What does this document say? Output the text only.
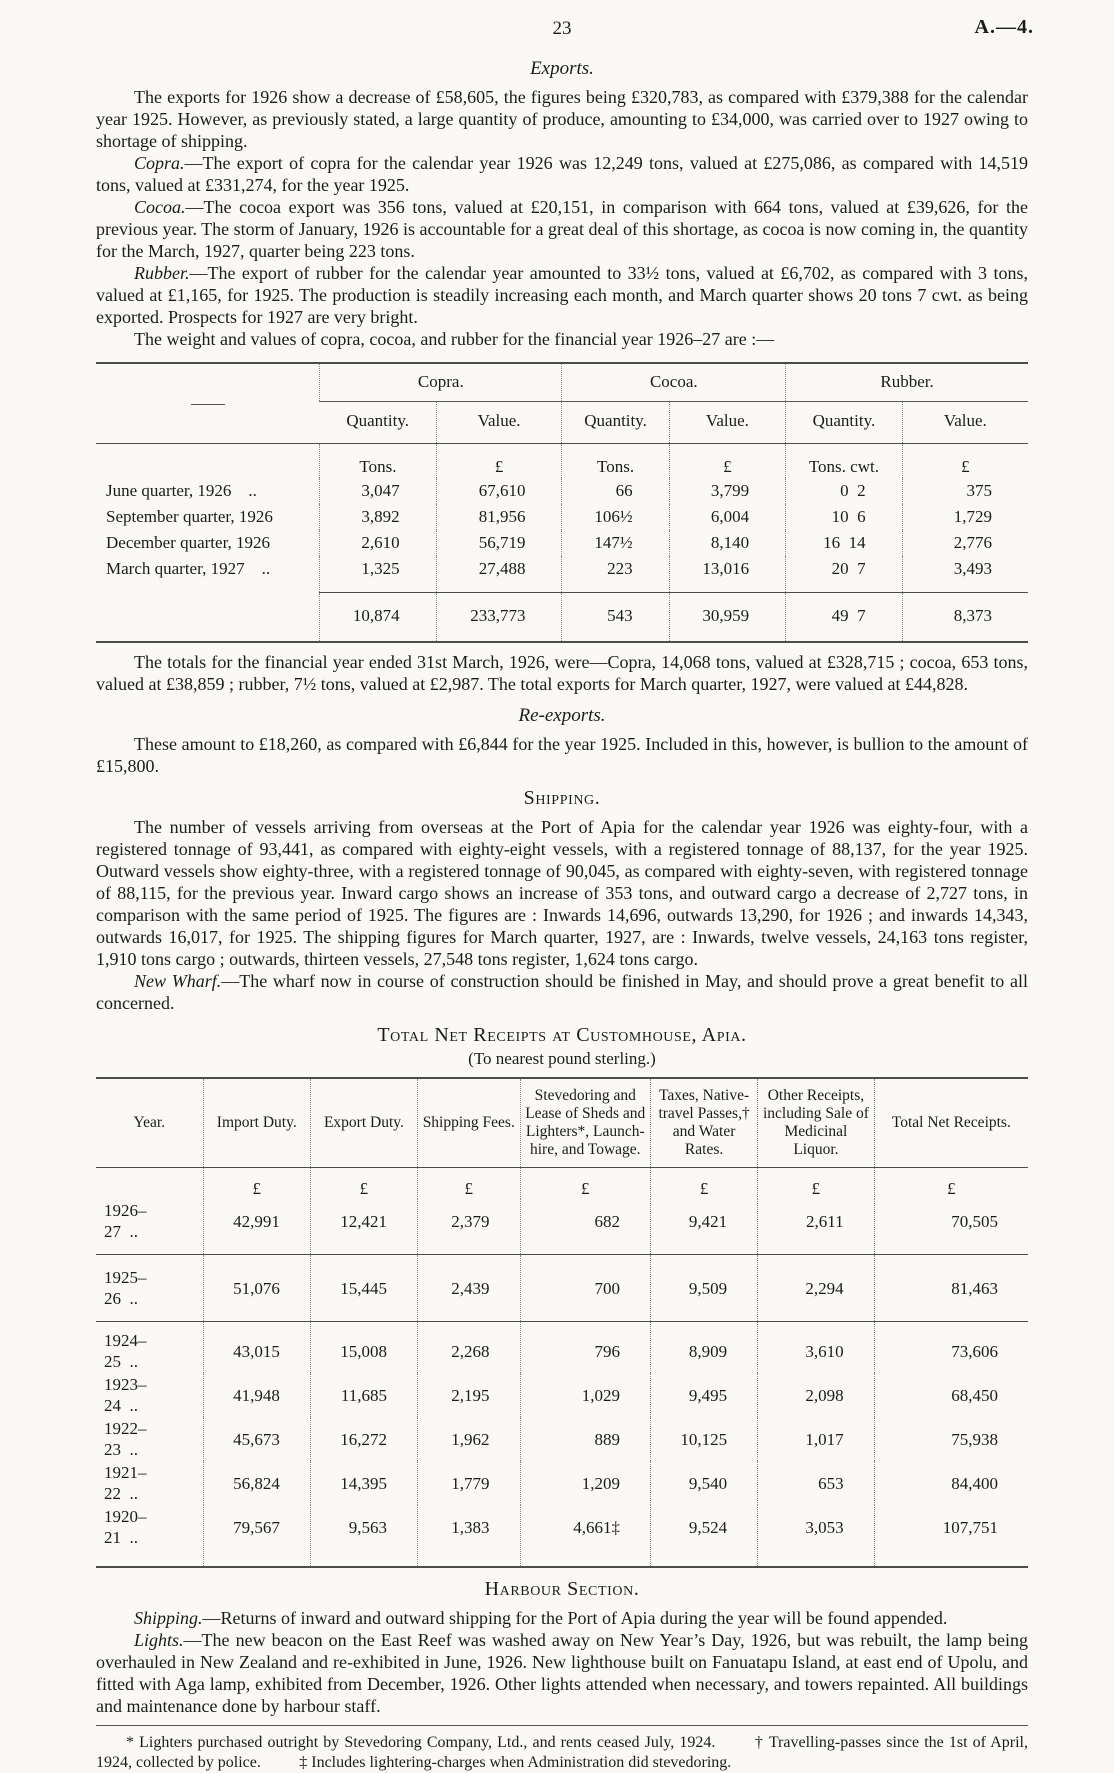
23	A.—4.
Exports.

The exports for 1926 show a decrease of £58,605, the figures being £320,783, as compared with £379,388 for the calendar year 1925. However, as previously stated, a large quantity of produce, amounting to £34,000, was carried over to 1927 owing to shortage of shipping.

Copra.—The export of copra for the calendar year 1926 was 12,249 tons, valued at £275,086, as compared with 14,519 tons, valued at £331,274, for the year 1925.

Cocoa.—The cocoa export was 356 tons, valued at £20,151, in comparison with 664 tons, valued at £39,626, for the previous year. The storm of January, 1926 is accountable for a great deal of this shortage, as cocoa is now coming in, the quantity for the March, 1927, quarter being 223 tons.

Rubber.—The export of rubber for the calendar year amounted to 33½ tons, valued at £6,702, as compared with 3 tons, valued at £1,165, for 1925. The production is steadily increasing each month, and March quarter shows 20 tons 7 cwt. as being exported. Prospects for 1927 are very bright.

The weight and values of copra, cocoa, and rubber for the financial year 1926–27 are :—

	Copra.		Cocoa.		Rubber.	
	Quantity.	Value.	Quantity.	Value.	Quantity.	Value.
	Tons.	£	Tons.	£	Tons. cwt.	£
June quarter, 1926  ..	3,047	67,610	66	3,799	0 2	375
September quarter, 1926	3,892	81,956	106½	6,004	10 6	1,729
December quarter, 1926	2,610	56,719	147½	8,140	16 14	2,776
March quarter, 1927  ..	1,325	27,488	223	13,016	20 7	3,493
	10,874	233,773	543	30,959	49 7	8,373

The totals for the financial year ended 31st March, 1926, were—Copra, 14,068 tons, valued at £328,715 ; cocoa, 653 tons, valued at £38,859 ; rubber, 7½ tons, valued at £2,987. The total exports for March quarter, 1927, were valued at £44,828.

Re-exports.

These amount to £18,260, as compared with £6,844 for the year 1925. Included in this, however, is bullion to the amount of £15,800.

Shipping.

The number of vessels arriving from overseas at the Port of Apia for the calendar year 1926 was eighty-four, with a registered tonnage of 93,441, as compared with eighty-eight vessels, with a registered tonnage of 88,137, for the year 1925. Outward vessels show eighty-three, with a registered tonnage of 90,045, as compared with eighty-seven, with registered tonnage of 88,115, for the previous year. Inward cargo shows an increase of 353 tons, and outward cargo a decrease of 2,727 tons, in comparison with the same period of 1925. The figures are : Inwards 14,696, outwards 13,290, for 1926 ; and inwards 14,343, outwards 16,017, for 1925. The shipping figures for March quarter, 1927, are : Inwards, twelve vessels, 24,163 tons register, 1,910 tons cargo ; outwards, thirteen vessels, 27,548 tons register, 1,624 tons cargo.

New Wharf.—The wharf now in course of construction should be finished in May, and should prove a great benefit to all concerned.

Total Net Receipts at Customhouse, Apia.
(To nearest pound sterling.)
Year.	Import Duty.	Export Duty.	Shipping Fees.	Stevedoring and Lease of Sheds and Lighters*, Launch-hire, and Towage.	Taxes, Native-travel Passes,† and Water Rates.	Other Receipts, including Sale of Medicinal Liquor.	Total Net Receipts.
	£	£	£	£	£	£	£
1926–27 ..	42,991	12,421	2,379	682	9,421	2,611	70,505
1925–26 ..	51,076	15,445	2,439	700	9,509	2,294	81,463
1924–25 ..	43,015	15,008	2,268	796	8,909	3,610	73,606
1923–24 ..	41,948	11,685	2,195	1,029	9,495	2,098	68,450
1922–23 ..	45,673	16,272	1,962	889	10,125	1,017	75,938
1921–22 ..	56,824	14,395	1,779	1,209	9,540	653	84,400
1920–21 ..	79,567	9,563	1,383	4,661‡	9,524	3,053	107,751
Harbour Section.

Shipping.—Returns of inward and outward shipping for the Port of Apia during the year will be found appended.

Lights.—The new beacon on the East Reef was washed away on New Year’s Day, 1926, but was rebuilt, the lamp being overhauled in New Zealand and re-exhibited in June, 1926. New lighthouse built on Fanuatapu Island, at east end of Upolu, and fitted with Aga lamp, exhibited from December, 1926. Other lights attended when necessary, and towers repainted. All buildings and maintenance done by harbour staff.

* Lighters purchased outright by Stevedoring Company, Ltd., and rents ceased July, 1924. † Travelling-passes since the 1st of April, 1924, collected by police. ‡ Includes lightering-charges when Administration did stevedoring.
